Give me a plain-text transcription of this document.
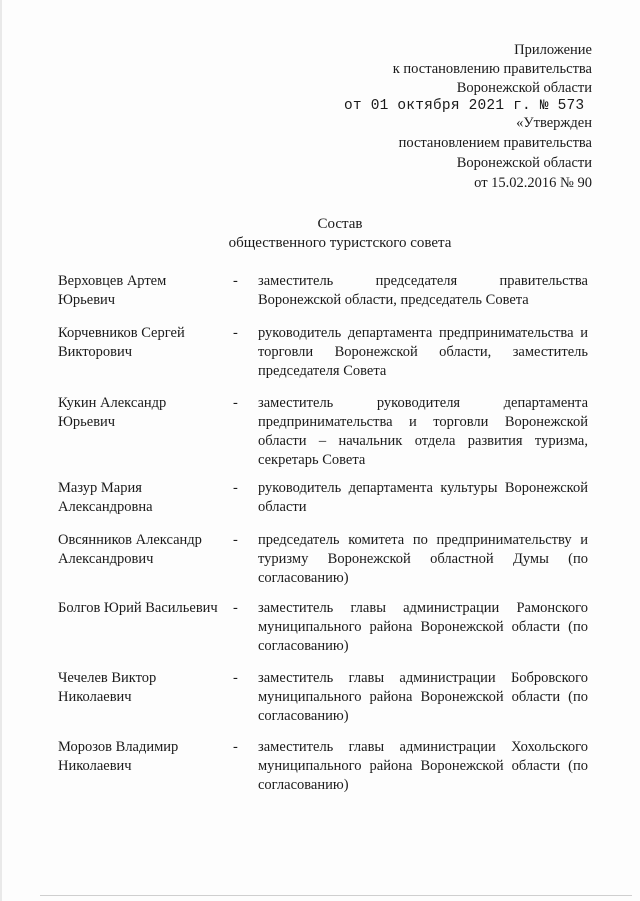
Приложение
к постановлению правительства
Воронежской области
от 01 октября 2021 г. № 573
«Утвержден
постановлением правительства
Воронежской области
от 15.02.2016 № 90
Состав
общественного туристского совета
Верховцев Артем Юрьевич
- заместитель председателя правительства Воронежской области, председатель Совета
Корчевников Сергей Викторович
- руководитель департамента предпринимательства и торговли Воронежской области, заместитель председателя Совета
Кукин Александр Юрьевич
- заместитель руководителя департамента предпринимательства и торговли Воронежской области – начальник отдела развития туризма, секретарь Совета
Мазур Мария Александровна
- руководитель департамента культуры Воронежской области
Овсянников Александр Александрович
- председатель комитета по предпринимательству и туризму Воронежской областной Думы (по согласованию)
Болгов Юрий Васильевич	- заместитель главы администрации Рамонского муниципального района Воронежской области (по согласованию)
Чечелев Виктор Николаевич
- заместитель главы администрации Бобровского муниципального района Воронежской области (по согласованию)
Морозов Владимир Николаевич
- заместитель главы администрации Хохольского муниципального района Воронежской области (по согласованию)
